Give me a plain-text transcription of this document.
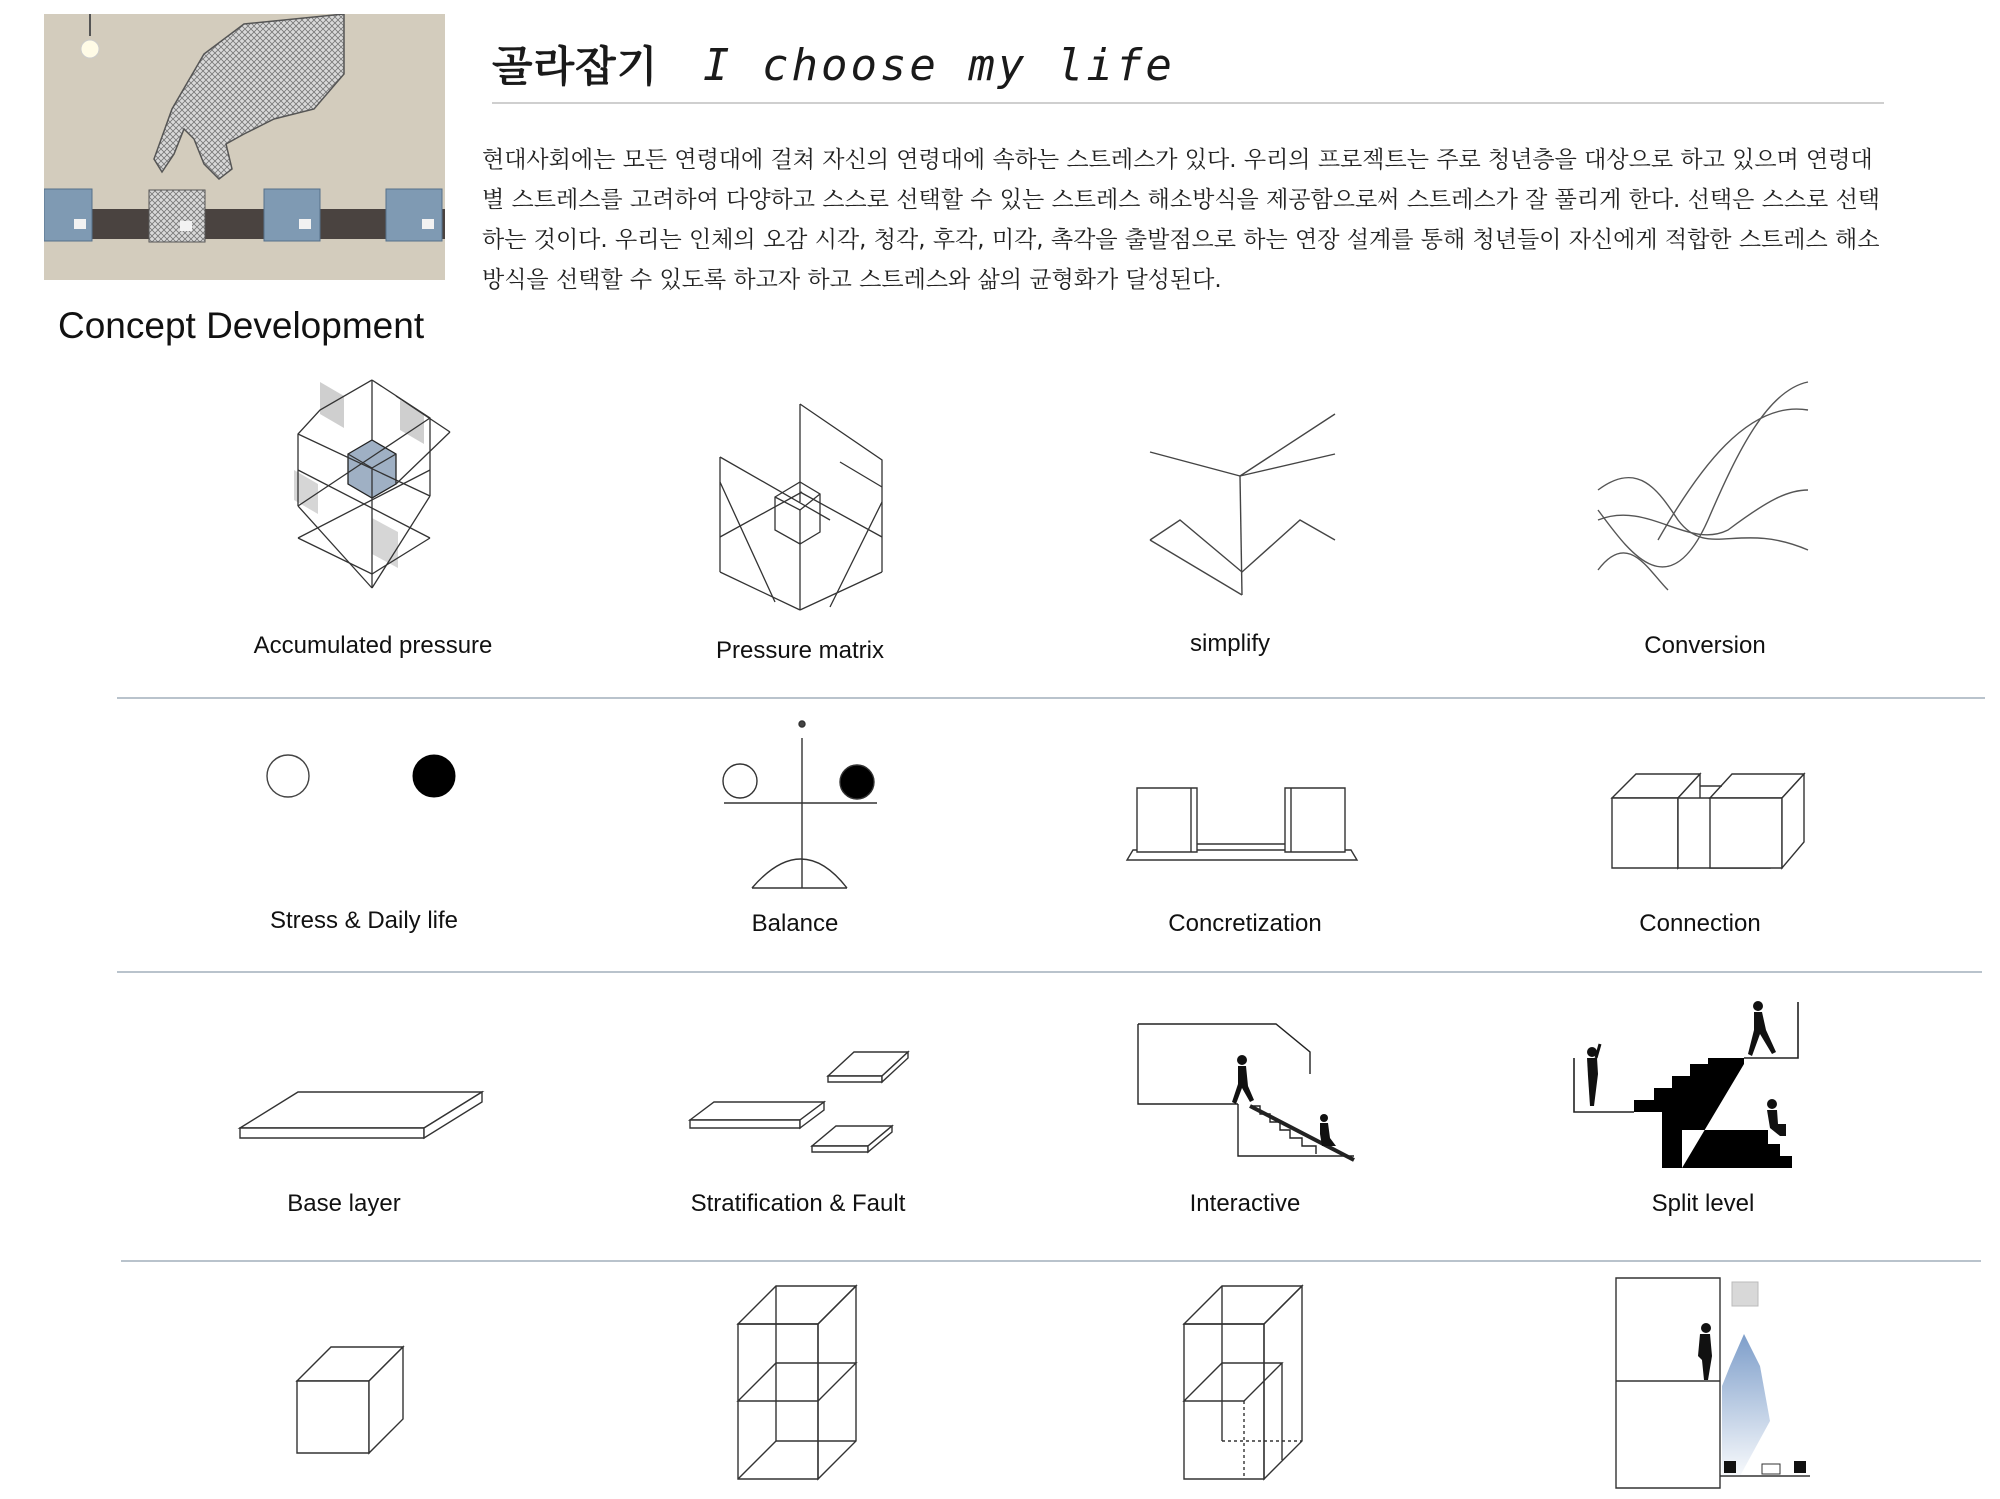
골라잡기 I choose my life
현대사회에는 모든 연령대에 걸쳐 자신의 연령대에 속하는 스트레스가 있다. 우리의 프로젝트는 주로 청년층을 대상으로 하고 있으며 연령대별 스트레스를 고려하여 다양하고 스스로 선택할 수 있는 스트레스 해소방식을 제공함으로써 스트레스가 잘 풀리게 한다. 선택은 스스로 선택하는 것이다. 우리는 인체의 오감 시각, 청각, 후각, 미각, 촉각을 출발점으로 하는 연장 설계를 통해 청년들이 자신에게 적합한 스트레스 해소 방식을 선택할 수 있도록 하고자 하고 스트레스와 삶의 균형화가 달성된다.
Concept Development
Accumulated pressure	Pressure matrix	simplify	Conversion
Stress & Daily life	Balance	Concretization	Connection
Base layer	Stratification & Fault	Interactive	Split level
